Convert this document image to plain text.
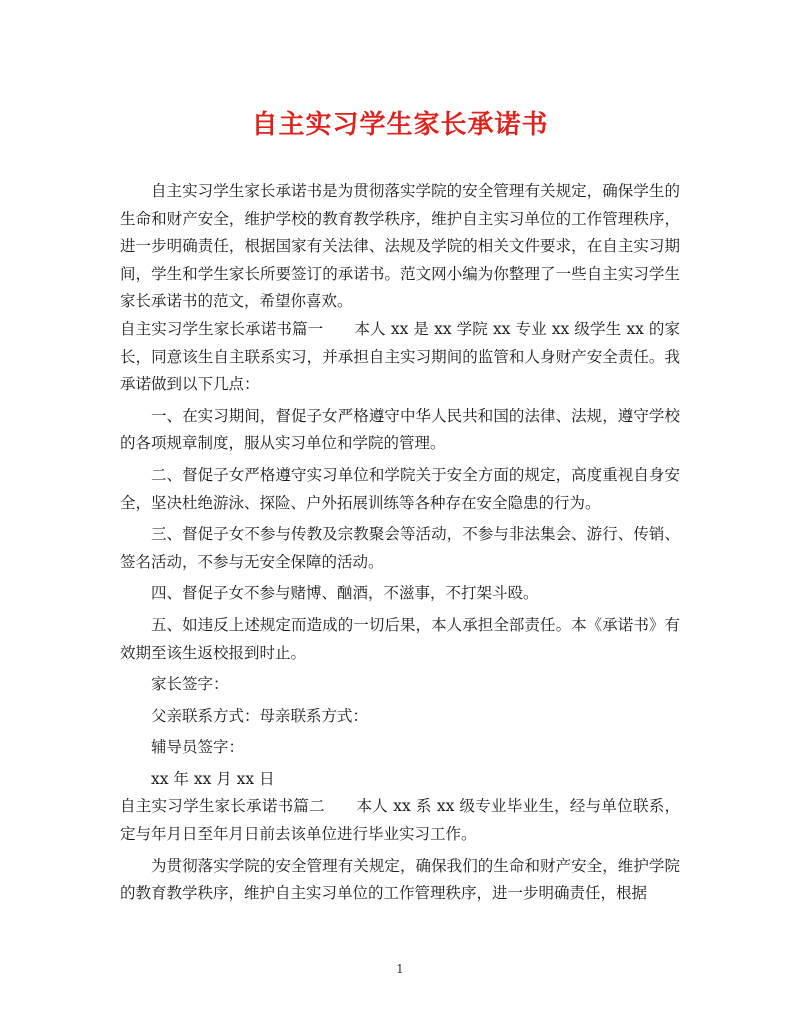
自主实习学生家长承诺书

自主实习学生家长承诺书是为贯彻落实学院的安全管理有关规定，确保学生的生命和财产安全，维护学校的教育教学秩序，维护自主实习单位的工作管理秩序，进一步明确责任，根据国家有关法律、法规及学院的相关文件要求，在自主实习期间，学生和学生家长所要签订的承诺书。范文网小编为你整理了一些自主实习学生家长承诺书的范文，希望你喜欢。

自主实习学生家长承诺书篇一　　本人 xx 是 xx 学院 xx 专业 xx 级学生 xx 的家长，同意该生自主联系实习，并承担自主实习期间的监管和人身财产安全责任。我承诺做到以下几点：

一、在实习期间，督促子女严格遵守中华人民共和国的法律、法规，遵守学校的各项规章制度，服从实习单位和学院的管理。

二、督促子女严格遵守实习单位和学院关于安全方面的规定，高度重视自身安全，坚决杜绝游泳、探险、户外拓展训练等各种存在安全隐患的行为。

三、督促子女不参与传教及宗教聚会等活动，不参与非法集会、游行、传销、签名活动，不参与无安全保障的活动。

四、督促子女不参与赌博、酗酒，不滋事，不打架斗殴。

五、如违反上述规定而造成的一切后果，本人承担全部责任。本《承诺书》有效期至该生返校报到时止。

家长签字：

父亲联系方式：母亲联系方式：

辅导员签字：

xx 年 xx 月 xx 日

自主实习学生家长承诺书篇二　　本人 xx 系 xx 级专业毕业生，经与单位联系，定与年月日至年月日前去该单位进行毕业实习工作。

为贯彻落实学院的安全管理有关规定，确保我们的生命和财产安全，维护学院的教育教学秩序，维护自主实习单位的工作管理秩序，进一步明确责任，根据

1
